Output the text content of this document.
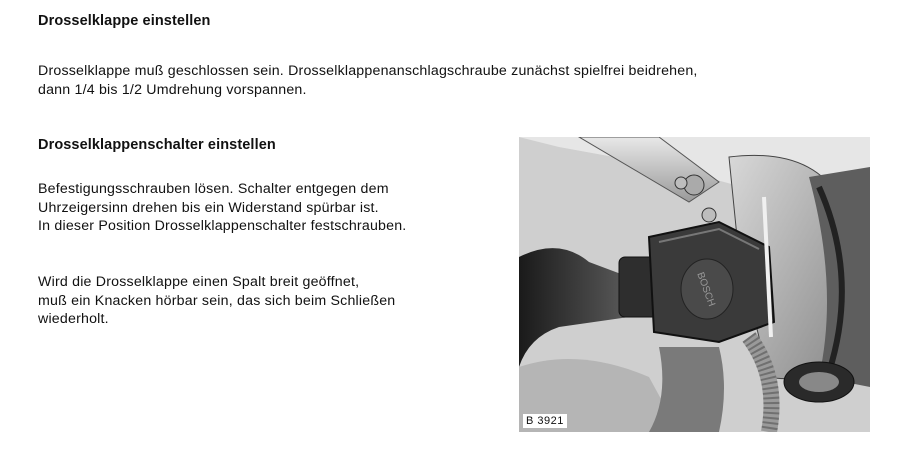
Drosselklappe einstellen
Drosselklappe muß geschlossen sein. Drosselklappenanschlagschraube zunächst spielfrei beidrehen,
dann 1/4 bis 1/2 Umdrehung vorspannen.
Drosselklappenschalter einstellen
Befestigungsschrauben lösen. Schalter entgegen dem
Uhrzeigersinn drehen bis ein Widerstand spürbar ist.
In dieser Position Drosselklappenschalter festschrauben.
Wird die Drosselklappe einen Spalt breit geöffnet,
muß ein Knacken hörbar sein, das sich beim Schließen
wiederholt.
BOSCH
B 3921
